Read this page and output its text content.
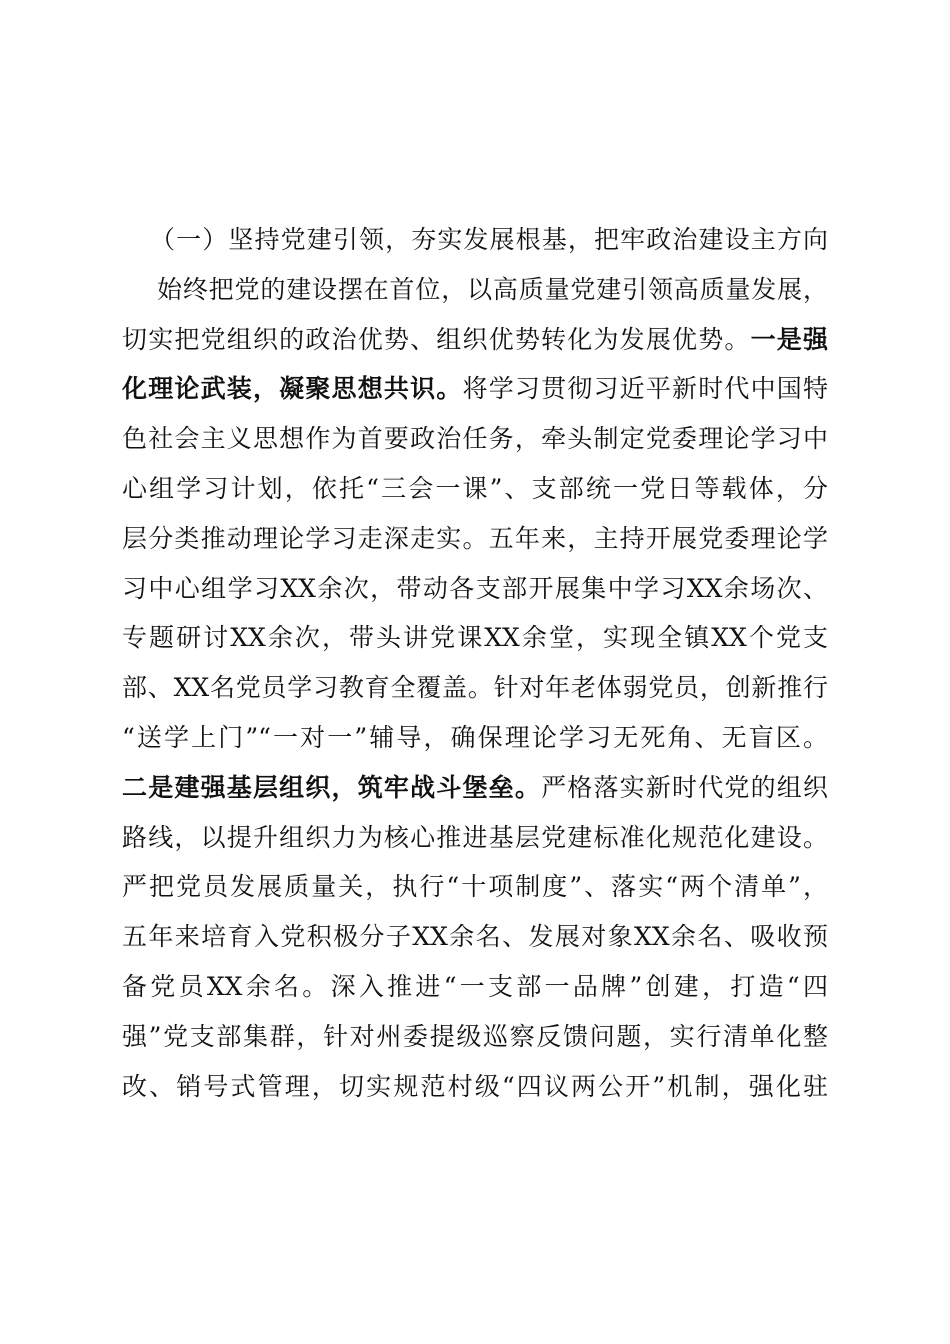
（一）坚持党建引领，夯实发展根基，把牢政治建设主方向
始终把党的建设摆在首位，以高质量党建引领高质量发展，
切实把党组织的政治优势、组织优势转化为发展优势。一是强
化理论武装，凝聚思想共识。将学习贯彻习近平新时代中国特
色社会主义思想作为首要政治任务，牵头制定党委理论学习中
心组学习计划，依托“三会一课”、支部统一党日等载体，分
层分类推动理论学习走深走实。五年来，主持开展党委理论学
习中心组学习XX余次，带动各支部开展集中学习XX余场次、
专题研讨XX余次，带头讲党课XX余堂，实现全镇XX个党支
部、XX名党员学习教育全覆盖。针对年老体弱党员，创新推行
“送学上门”“一对一”辅导，确保理论学习无死角、无盲区。
二是建强基层组织，筑牢战斗堡垒。严格落实新时代党的组织
路线，以提升组织力为核心推进基层党建标准化规范化建设。
严把党员发展质量关，执行“十项制度”、落实“两个清单”，
五年来培育入党积极分子XX余名、发展对象XX余名、吸收预
备党员XX余名。深入推进“一支部一品牌”创建，打造“四
强”党支部集群，针对州委提级巡察反馈问题，实行清单化整
改、销号式管理，切实规范村级“四议两公开”机制，强化驻
